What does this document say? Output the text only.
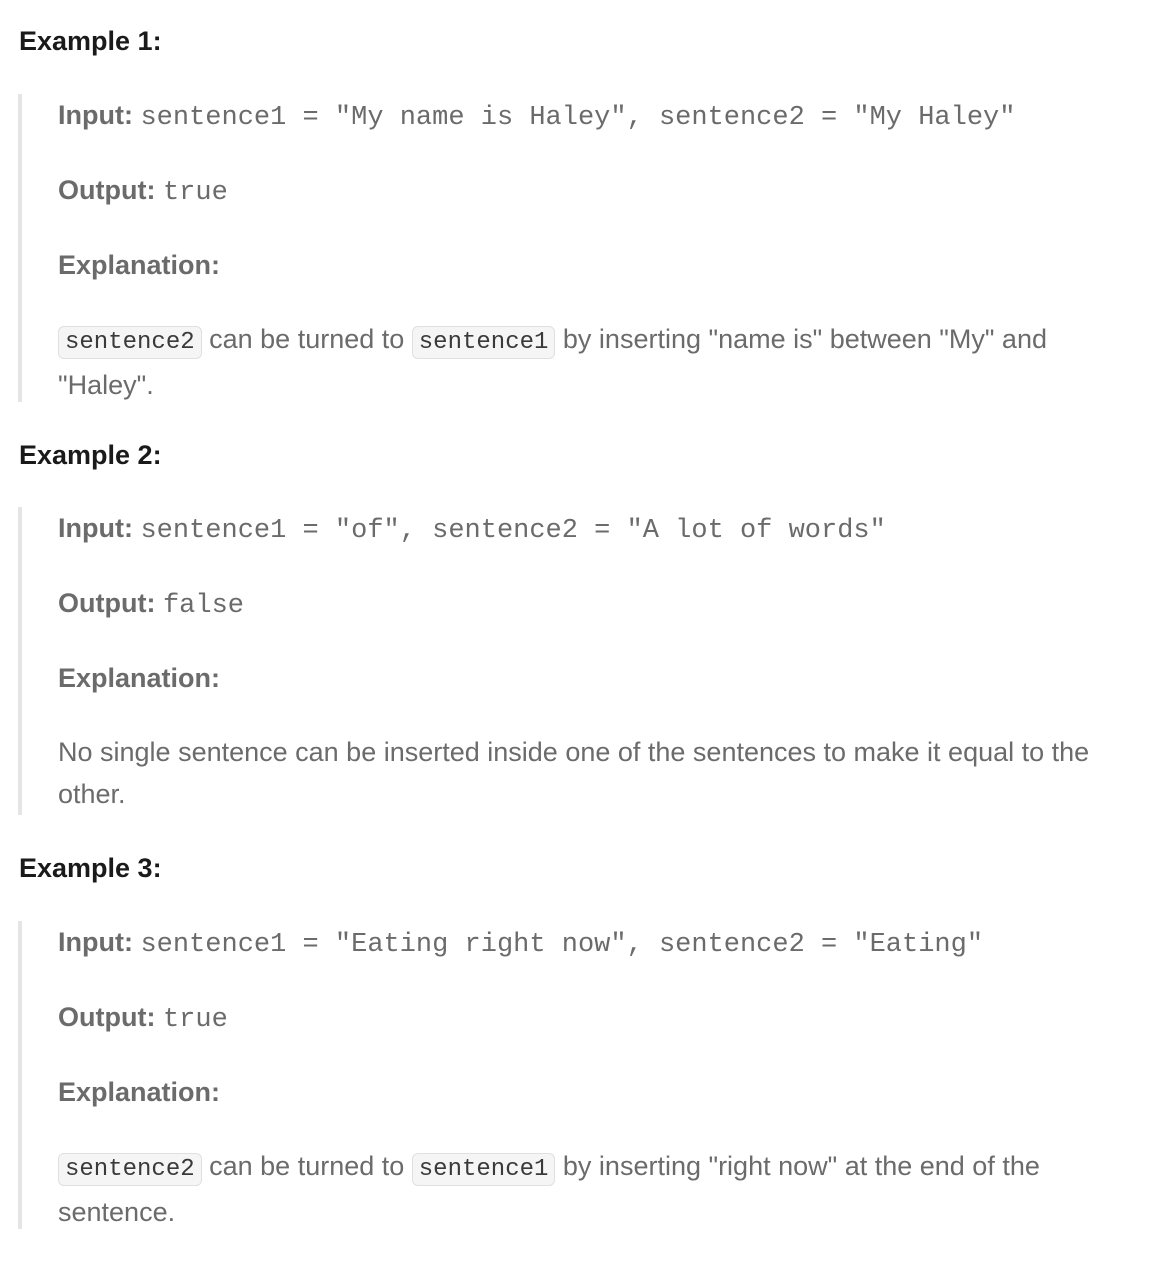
Example 1:

Input: sentence1 = "My name is Haley", sentence2 = "My Haley"

Output: true

Explanation:

sentence2 can be turned to sentence1 by inserting "name is" between "My" and "Haley".

Example 2:

Input: sentence1 = "of", sentence2 = "A lot of words"

Output: false

Explanation:

No single sentence can be inserted inside one of the sentences to make it equal to the other.

Example 3:

Input: sentence1 = "Eating right now", sentence2 = "Eating"

Output: true

Explanation:

sentence2 can be turned to sentence1 by inserting "right now" at the end of the sentence.
